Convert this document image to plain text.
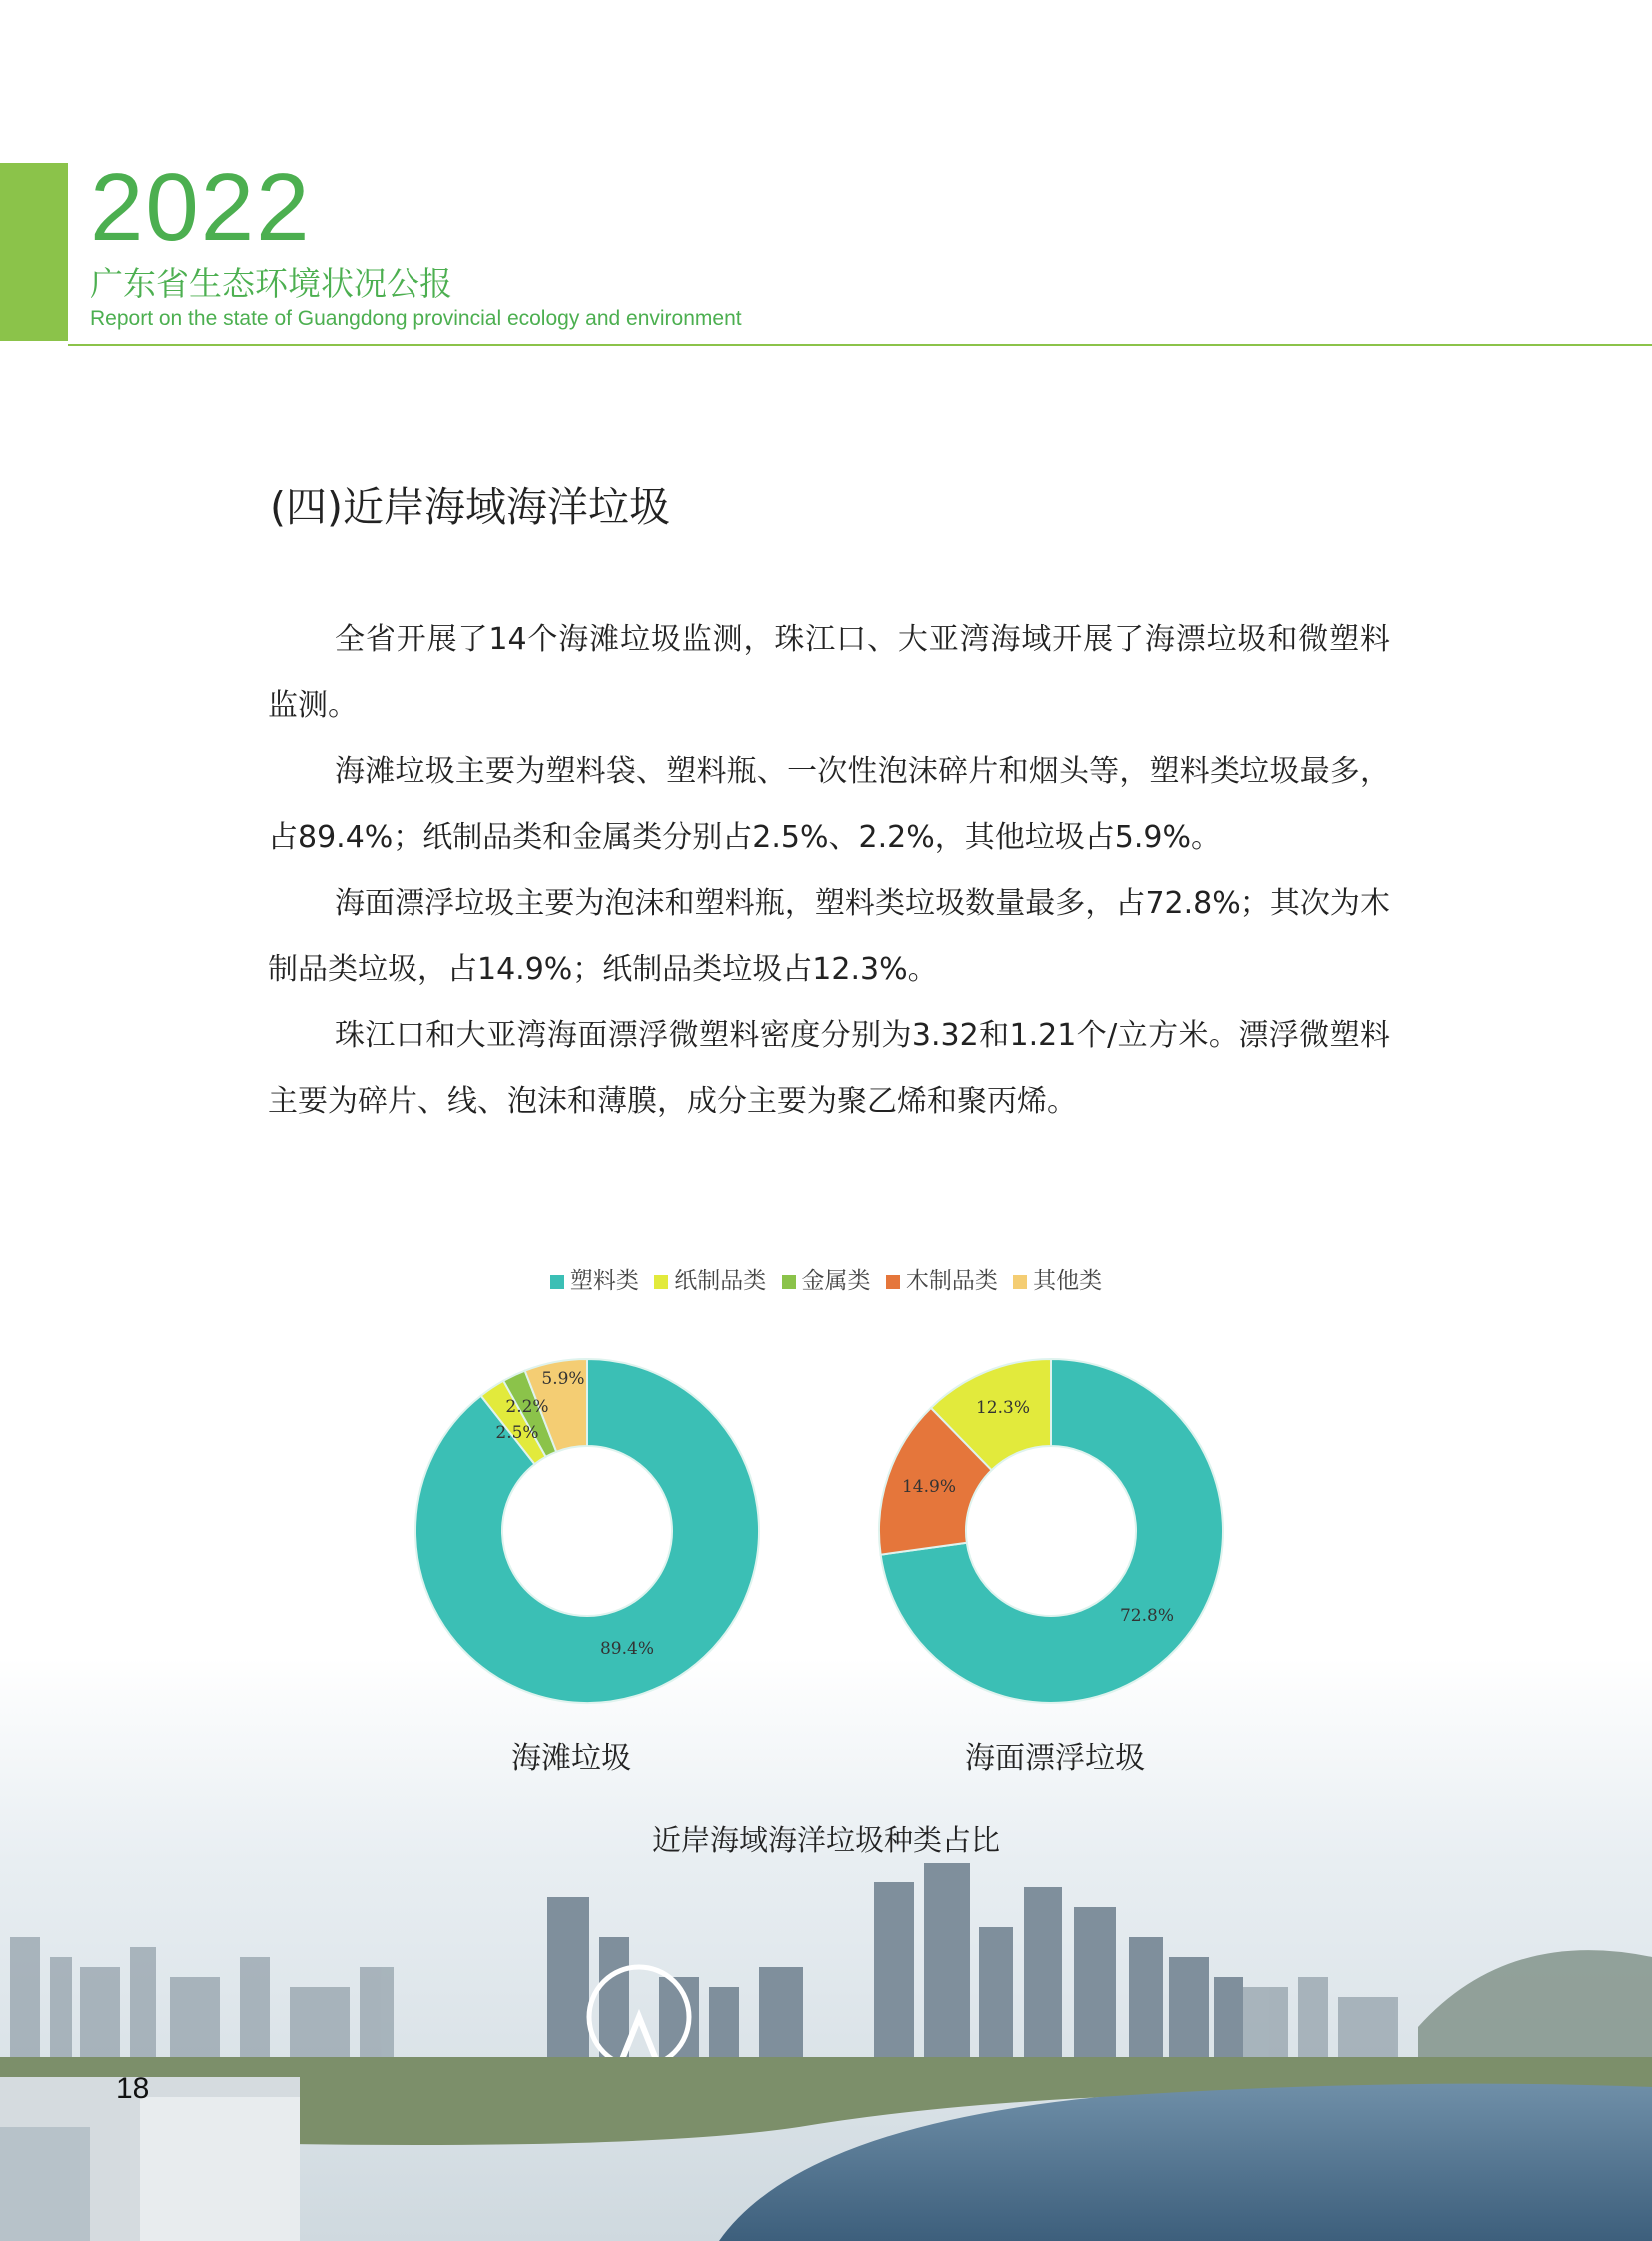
2022
广东省生态环境状况公报
Report on the state of Guangdong provincial ecology and environment
(四)近岸海域海洋垃圾

全省开展了14个海滩垃圾监测，珠江口、大亚湾海域开展了海漂垃圾和微塑料监测。

海滩垃圾主要为塑料袋、塑料瓶、一次性泡沫碎片和烟头等，塑料类垃圾最多，占89.4%；纸制品类和金属类分别占2.5%、2.2%，其他垃圾占5.9%。

海面漂浮垃圾主要为泡沫和塑料瓶，塑料类垃圾数量最多，占72.8%；其次为木制品类垃圾，占14.9%；纸制品类垃圾占12.3%。

珠江口和大亚湾海面漂浮微塑料密度分别为3.32和1.21个/立方米。漂浮微塑料主要为碎片、线、泡沫和薄膜，成分主要为聚乙烯和聚丙烯。

塑料类 纸制品类 金属类 木制品类 其他类
89.4%
2.5%
2.2%
5.9%
72.8%
14.9%
12.3%
海滩垃圾	海面漂浮垃圾
近岸海域海洋垃圾种类占比
18
